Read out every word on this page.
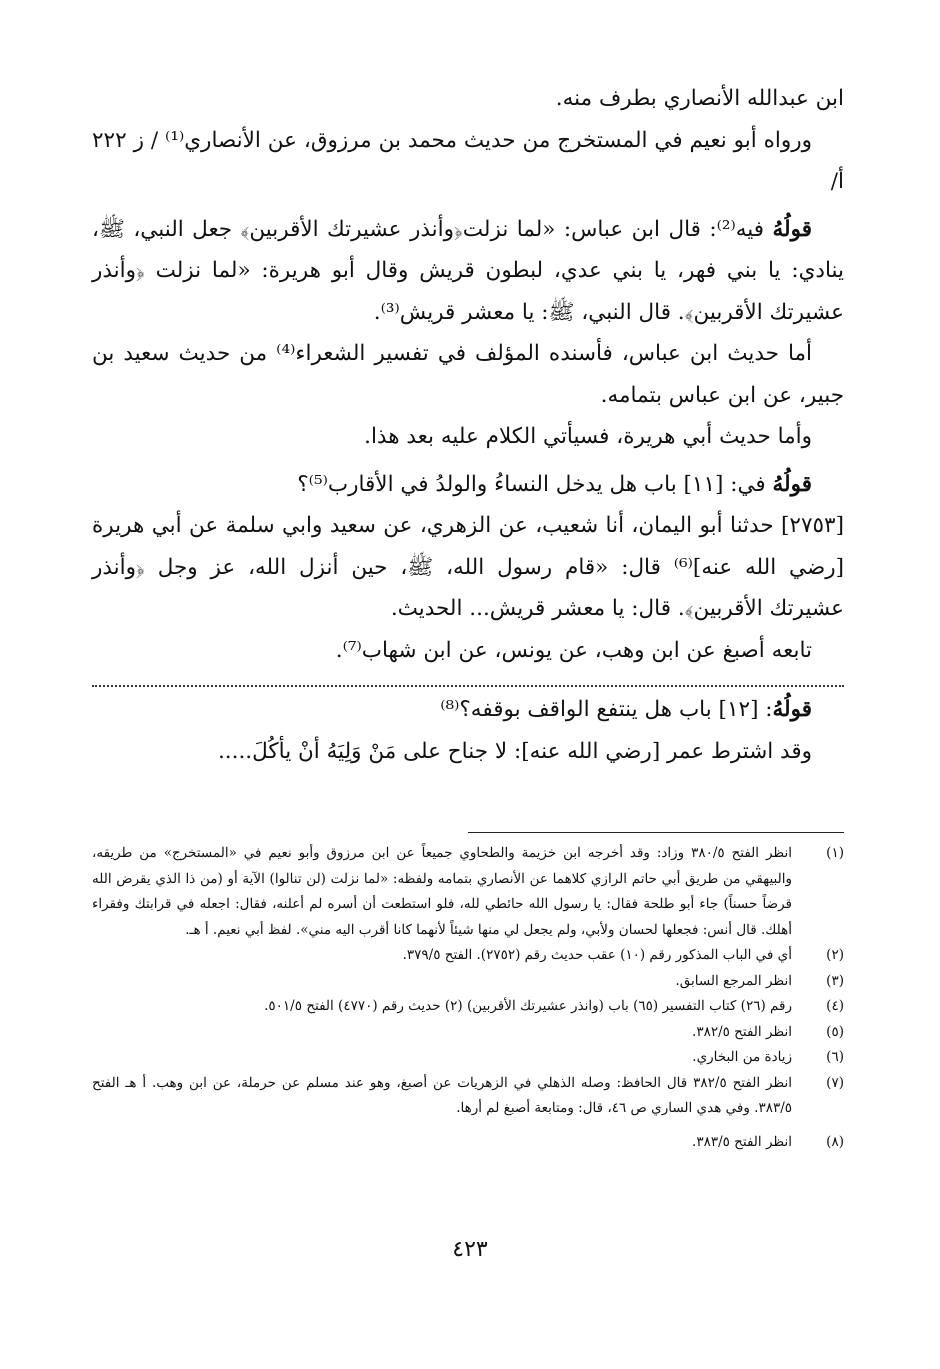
ابن عبدالله الأنصاري بطرف منه.

ورواه أبو نعيم في المستخرج من حديث محمد بن مرزوق، عن الأنصاري⁽¹⁾ / ز ٢٢٢ أ/

قولُهُ فيه⁽²⁾: قال ابن عباس: «لما نزلت﴿وأنذر عشيرتك الأقربين﴾ جعل النبي، ﷺ، ينادي: يا بني فهر، يا بني عدي، لبطون قريش وقال أبو هريرة: «لما نزلت ﴿وأنذر عشيرتك الأقربين﴾. قال النبي، ﷺ: يا معشر قريش⁽³⁾.

أما حديث ابن عباس، فأسنده المؤلف في تفسير الشعراء⁽⁴⁾ من حديث سعيد بن جبير، عن ابن عباس بتمامه.

وأما حديث أبي هريرة، فسيأتي الكلام عليه بعد هذا.

قولُهُ في: [١١] باب هل يدخل النساءُ والولدُ في الأقارب⁽⁵⁾؟

[٢٧٥٣] حدثنا أبو اليمان، أنا شعيب، عن الزهري، عن سعيد وابي سلمة عن أبي هريرة [رضي الله عنه]⁽⁶⁾ قال: «قام رسول الله، ﷺ، حين أنزل الله، عز وجل ﴿وأنذر عشيرتك الأقربين﴾. قال: يا معشر قريش... الحديث.

تابعه أصبغ عن ابن وهب، عن يونس، عن ابن شهاب⁽⁷⁾.

قولُهُ: [١٢] باب هل ينتفع الواقف بوقفه؟⁽⁸⁾

وقد اشترط عمر [رضي الله عنه]: لا جناح على مَنْ وَلِيَهُ أنْ يأكُلَ.....

(١)
انظر الفتح ٣٨٠/٥ وزاد: وقد أخرجه ابن خزيمة والطحاوي جميعاً عن ابن مرزوق وأبو نعيم في «المستخرج» من طريقه، والبيهقي من طريق أبي حاتم الرازي كلاهما عن الأنصاري بتمامه ولفظه: «لما نزلت (لن تنالوا) الآية أو (من ذا الذي يقرض الله قرضاً حسناً) جاء أبو طلحة فقال: يا رسول الله حائطي لله، فلو استطعت أن أسره لم أعلنه، فقال: اجعله في قرابتك وفقراء أهلك. قال أنس: فجعلها لحسان ولأبي، ولم يجعل لي منها شيئاً لأنهما كانا أقرب اليه مني». لفظ أبي نعيم. أ هـ.
(٢)
أي في الباب المذكور رقم (١٠) عقب حديث رقم (٢٧٥٢). الفتح ٣٧٩/٥.
(٣)
انظر المرجع السابق.
(٤)
رقم (٢٦) كتاب التفسير (٦٥) باب (وانذر عشيرتك الأقربين) (٢) حديث رقم (٤٧٧٠) الفتح ٥٠١/٥.
(٥)
انظر الفتح ٣٨٢/٥.
(٦)
زيادة من البخاري.
(٧)
انظر الفتح ٣٨٢/٥ قال الحافظ: وصله الذهلي في الزهريات عن أصبغ، وهو عند مسلم عن حرملة، عن ابن وهب. أ هـ الفتح ٣٨٣/٥. وفي هدي الساري ص ٤٦، قال: ومتابعة أصبغ لم أرها.
(٨)
انظر الفتح ٣٨٣/٥.
٤٢٣
